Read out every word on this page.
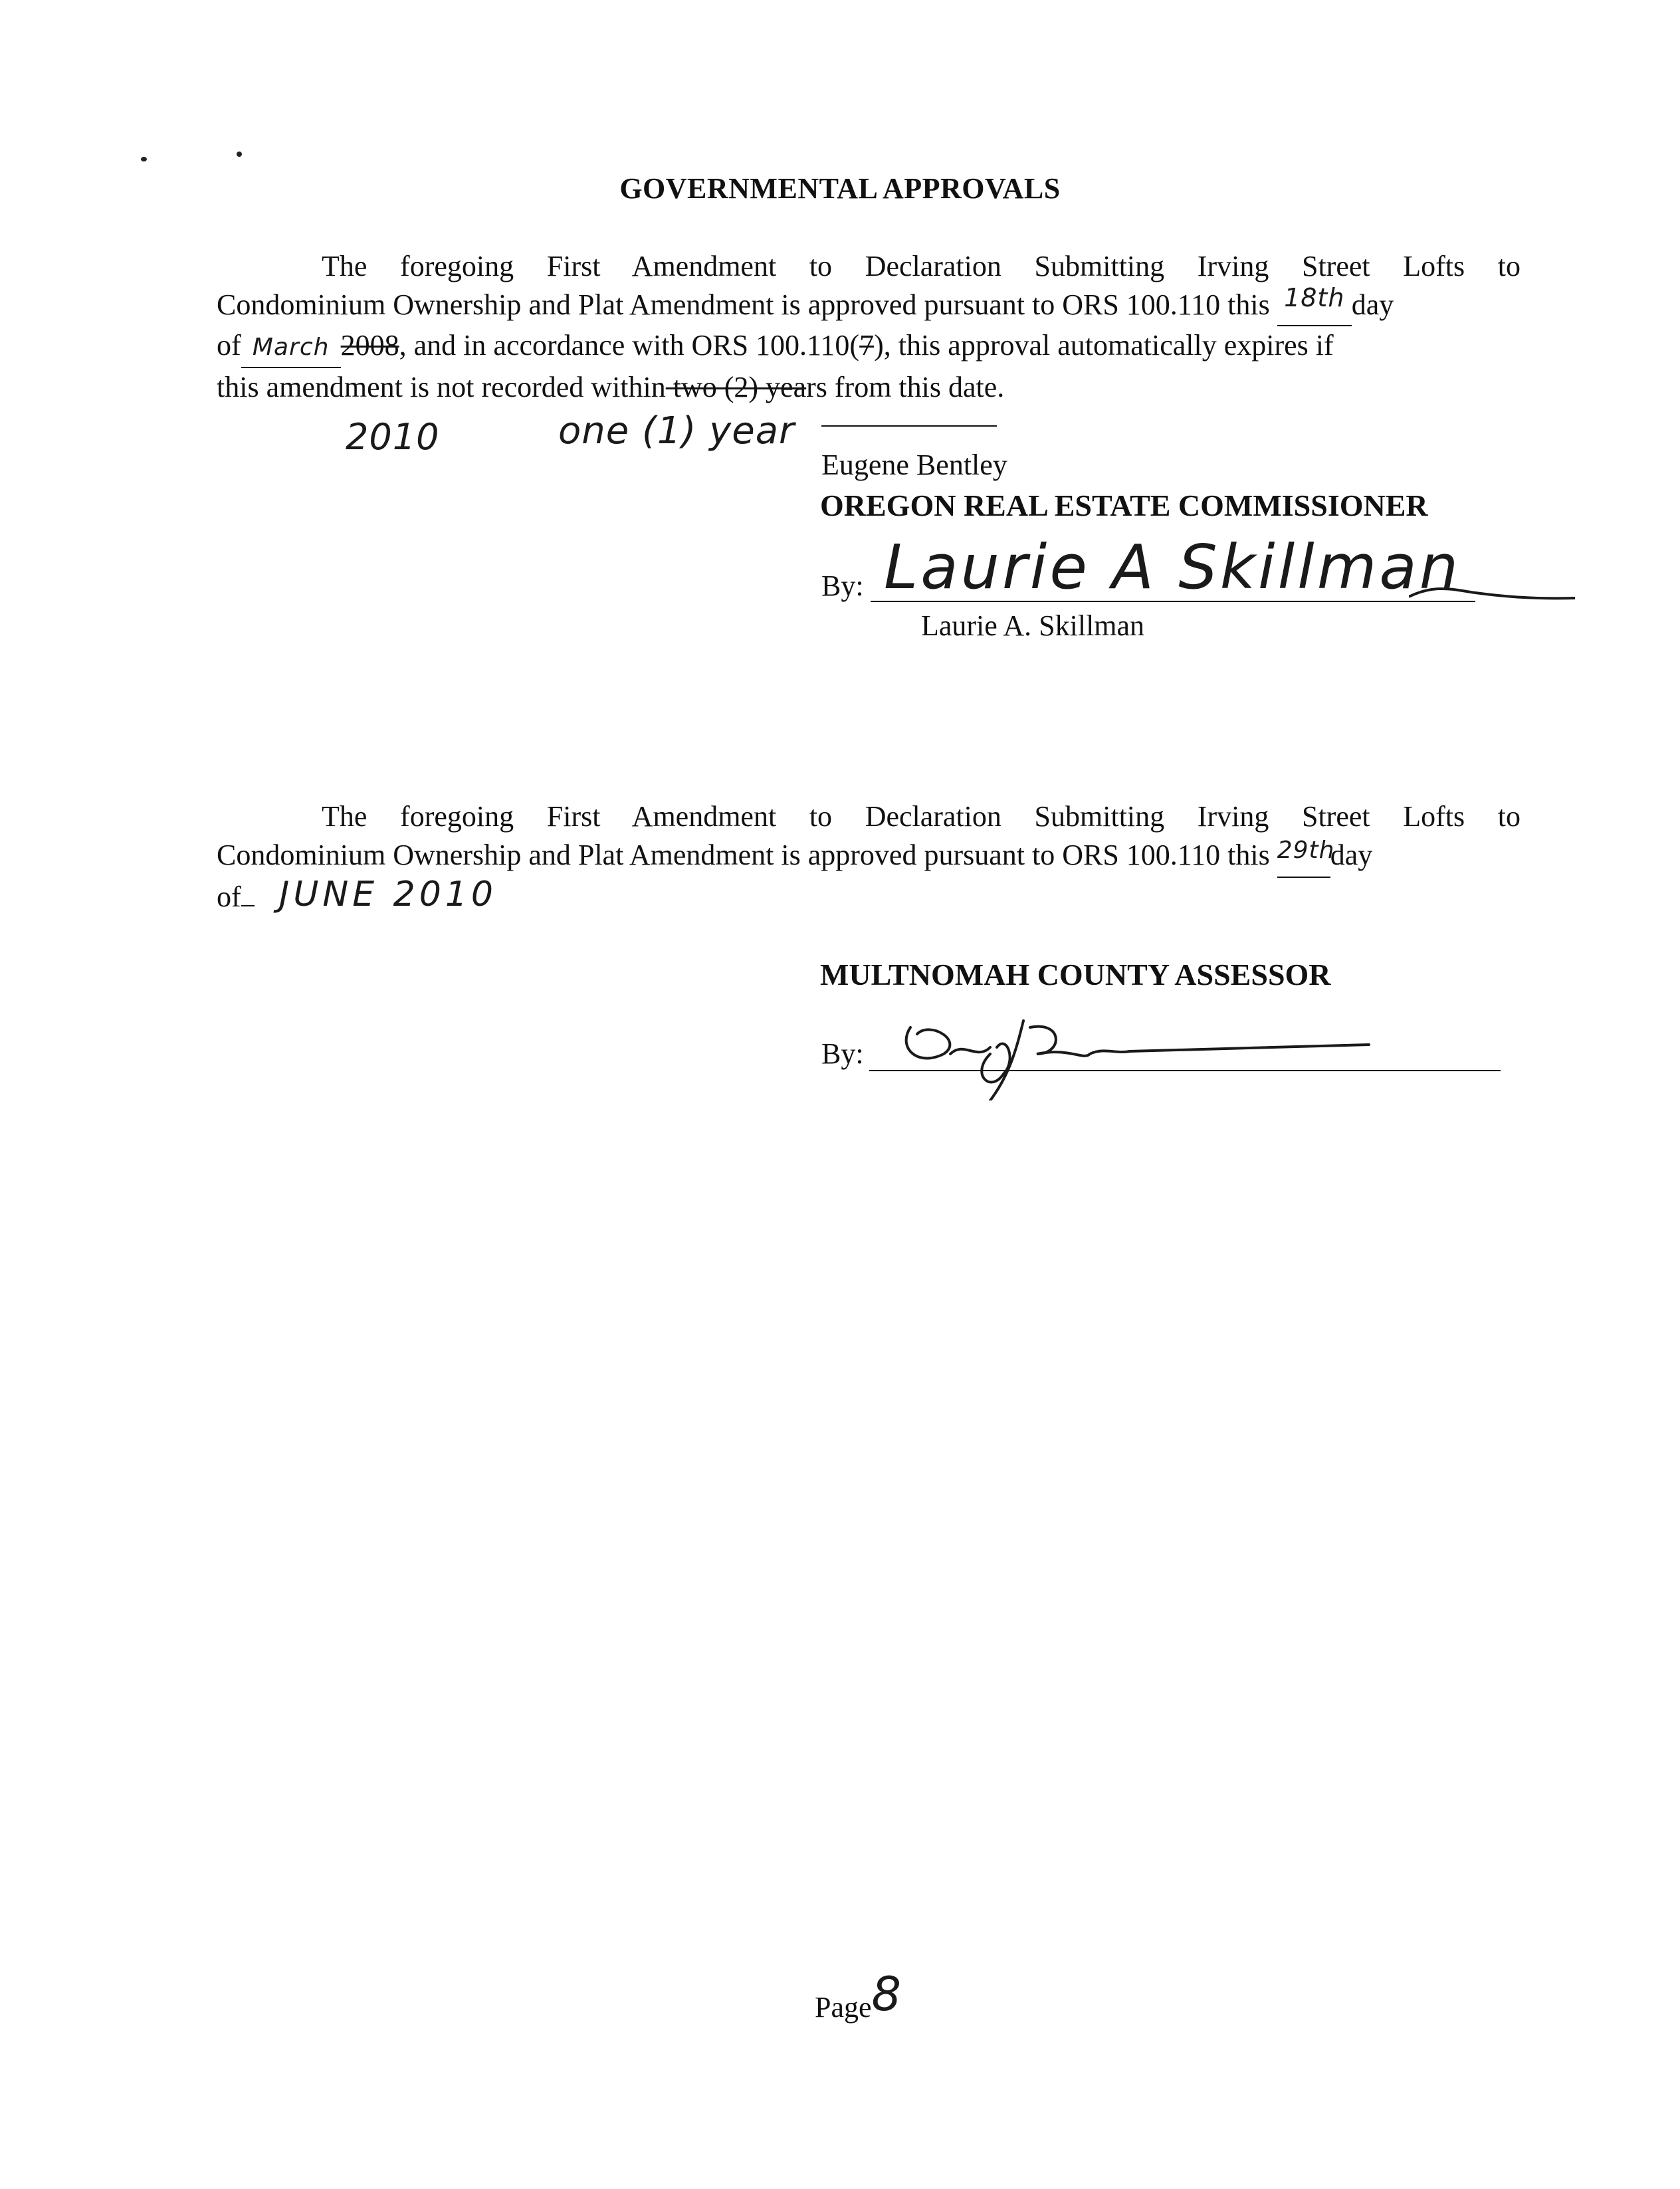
GOVERNMENTAL APPROVALS
The foregoing First Amendment to Declaration Submitting Irving Street Lofts to
Condominium Ownership and Plat Amendment is approved pursuant to ORS 100.110 this 18th day
of March 2008, and in accordance with ORS 100.110(7), this approval automatically expires if
this amendment is not recorded within two (2) years from this date.
2010	one (1) year
Eugene Bentley
OREGON REAL ESTATE COMMISSIONER
By: Laurie A Skillman
Laurie A. Skillman
The foregoing First Amendment to Declaration Submitting Irving Street Lofts to
Condominium Ownership and Plat Amendment is approved pursuant to ORS 100.110 this $^{29th}$day
of	JUNE 2010
MULTNOMAH COUNTY ASSESSOR
By:
Page8
